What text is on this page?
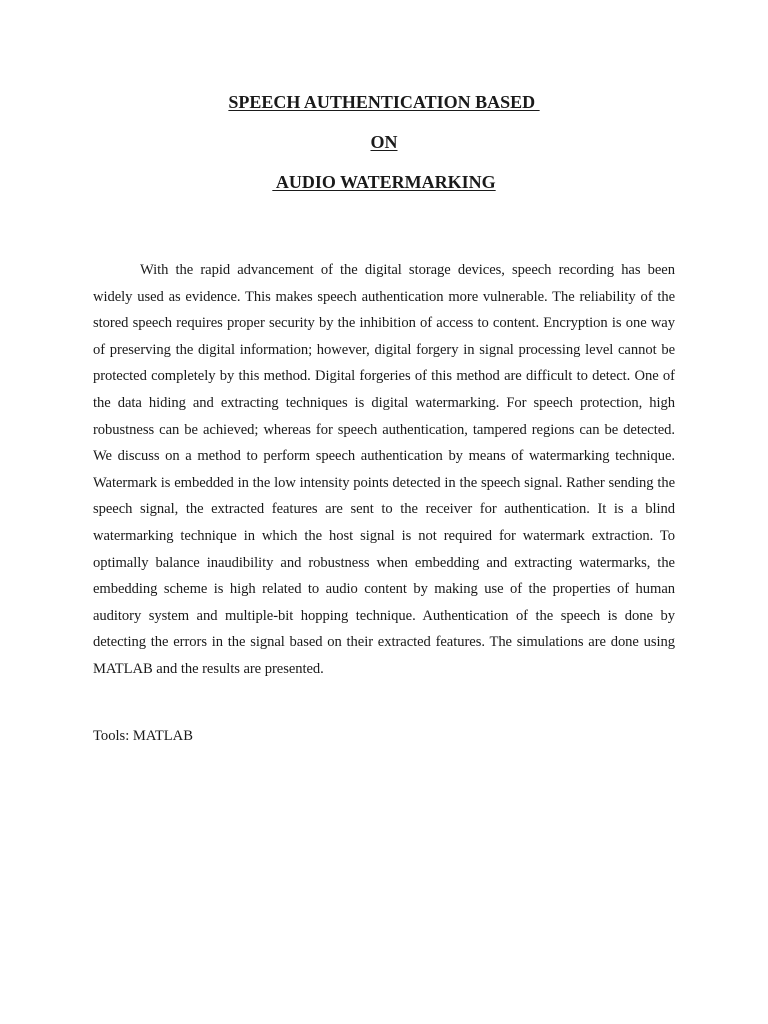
SPEECH AUTHENTICATION BASED

ON

AUDIO WATERMARKING

With the rapid advancement of the digital storage devices, speech recording has been widely used as evidence. This makes speech authentication more vulnerable. The reliability of the stored speech requires proper security by the inhibition of access to content. Encryption is one way of preserving the digital information; however, digital forgery in signal processing level cannot be protected completely by this method. Digital forgeries of this method are difficult to detect. One of the data hiding and extracting techniques is digital watermarking. For speech protection, high robustness can be achieved; whereas for speech authentication, tampered regions can be detected. We discuss on a method to perform speech authentication by means of watermarking technique. Watermark is embedded in the low intensity points detected in the speech signal. Rather sending the speech signal, the extracted features are sent to the receiver for authentication. It is a blind watermarking technique in which the host signal is not required for watermark extraction. To optimally balance inaudibility and robustness when embedding and extracting watermarks, the embedding scheme is high related to audio content by making use of the properties of human auditory system and multiple-bit hopping technique. Authentication of the speech is done by detecting the errors in the signal based on their extracted features. The simulations are done using MATLAB and the results are presented.

Tools: MATLAB
